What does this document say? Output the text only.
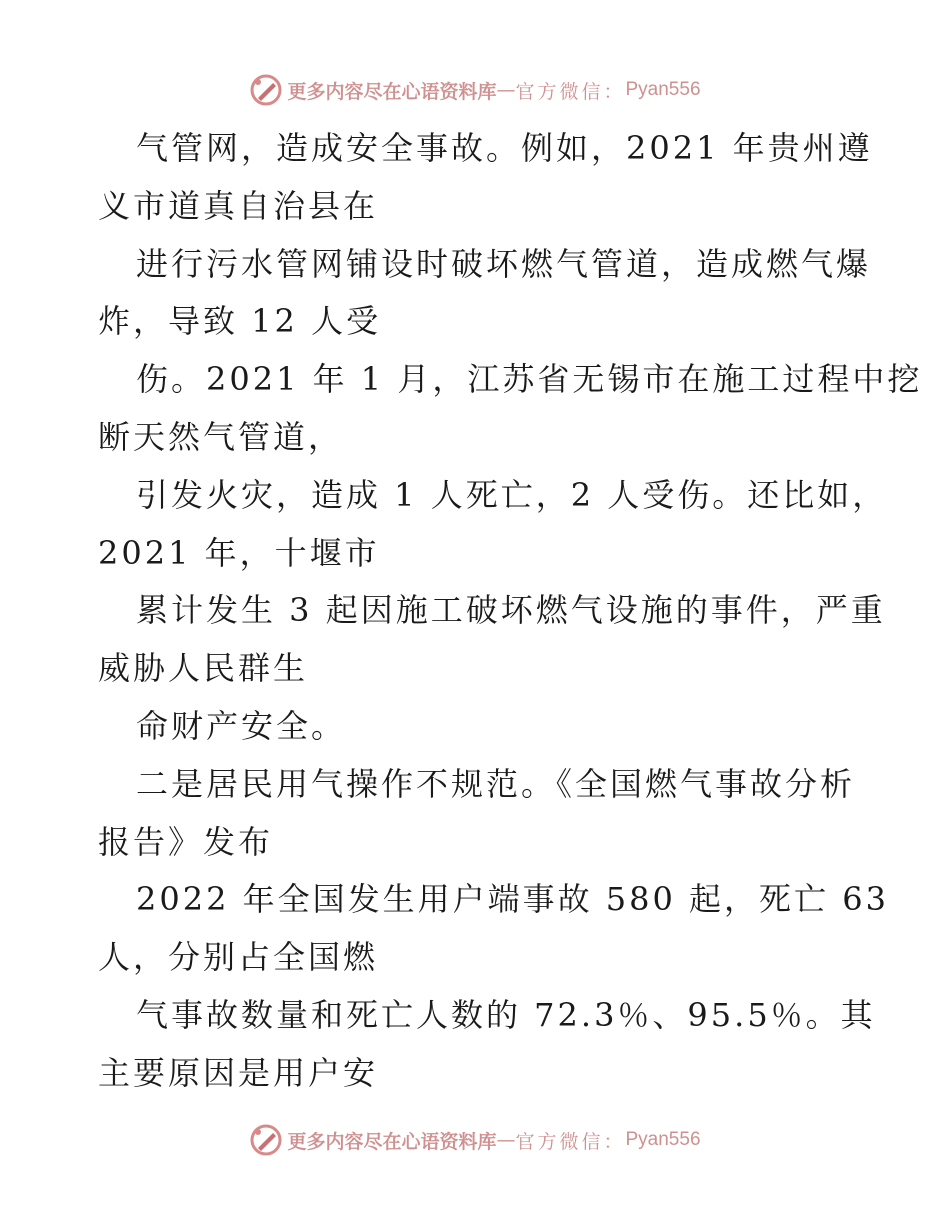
更多内容尽在心语资料库 — 官方微信： Pyan556
气管网，造成安全事故。例如，2021 年贵州遵
义市道真自治县在
进行污水管网铺设时破坏燃气管道，造成燃气爆
炸，导致 12 人受
伤。2021 年 1 月，江苏省无锡市在施工过程中挖
断天然气管道，
引发火灾，造成 1 人死亡，2 人受伤。还比如，
2021 年，十堰市
累计发生 3 起因施工破坏燃气设施的事件，严重
威胁人民群生
命财产安全。
二是居民用气操作不规范。《全国燃气事故分析
报告》发布
2022 年全国发生用户端事故 580 起，死亡 63
人，分别占全国燃
气事故数量和死亡人数的 72.3％、95.5％。其
主要原因是用户安
更多内容尽在心语资料库 — 官方微信： Pyan556
